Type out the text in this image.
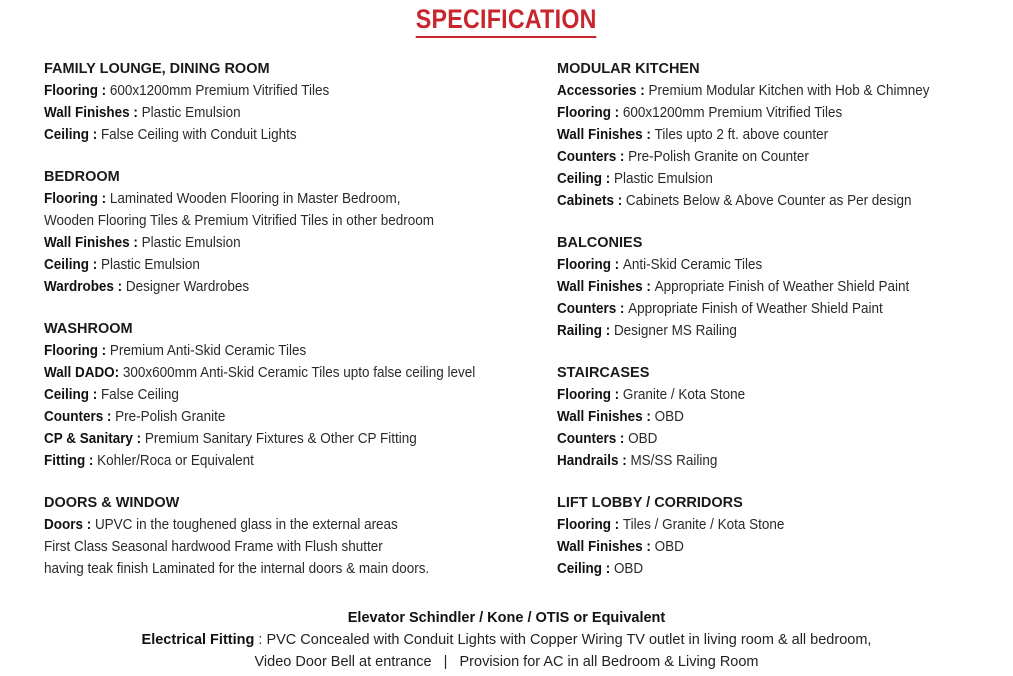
SPECIFICATION
FAMILY LOUNGE, DINING ROOM
Flooring : 600x1200mm Premium Vitrified Tiles
Wall Finishes : Plastic Emulsion
Ceiling : False Ceiling with Conduit Lights
BEDROOM
Flooring : Laminated Wooden Flooring in Master Bedroom,
Wooden Flooring Tiles & Premium Vitrified Tiles in other bedroom
Wall Finishes : Plastic Emulsion
Ceiling : Plastic Emulsion
Wardrobes : Designer Wardrobes
WASHROOM
Flooring : Premium Anti-Skid Ceramic Tiles
Wall DADO: 300x600mm Anti-Skid Ceramic Tiles upto false ceiling level
Ceiling : False Ceiling
Counters : Pre-Polish Granite
CP & Sanitary : Premium Sanitary Fixtures & Other CP Fitting
Fitting : Kohler/Roca or Equivalent
DOORS & WINDOW
Doors : UPVC in the toughened glass in the external areas
First Class Seasonal hardwood Frame with Flush shutter
having teak finish Laminated for the internal doors & main doors.
MODULAR KITCHEN
Accessories : Premium Modular Kitchen with Hob & Chimney
Flooring : 600x1200mm Premium Vitrified Tiles
Wall Finishes : Tiles upto 2 ft. above counter
Counters : Pre-Polish Granite on Counter
Ceiling : Plastic Emulsion
Cabinets : Cabinets Below & Above Counter as Per design
BALCONIES
Flooring : Anti-Skid Ceramic Tiles
Wall Finishes : Appropriate Finish of Weather Shield Paint
Counters : Appropriate Finish of Weather Shield Paint
Railing : Designer MS Railing
STAIRCASES
Flooring : Granite / Kota Stone
Wall Finishes : OBD
Counters : OBD
Handrails : MS/SS Railing
LIFT LOBBY / CORRIDORS
Flooring : Tiles / Granite / Kota Stone
Wall Finishes : OBD
Ceiling : OBD
Elevator Schindler / Kone / OTIS or Equivalent
Electrical Fitting : PVC Concealed with Conduit Lights with Copper Wiring TV outlet in living room & all bedroom,
Video Door Bell at entrance   |   Provision for AC in all Bedroom & Living Room
